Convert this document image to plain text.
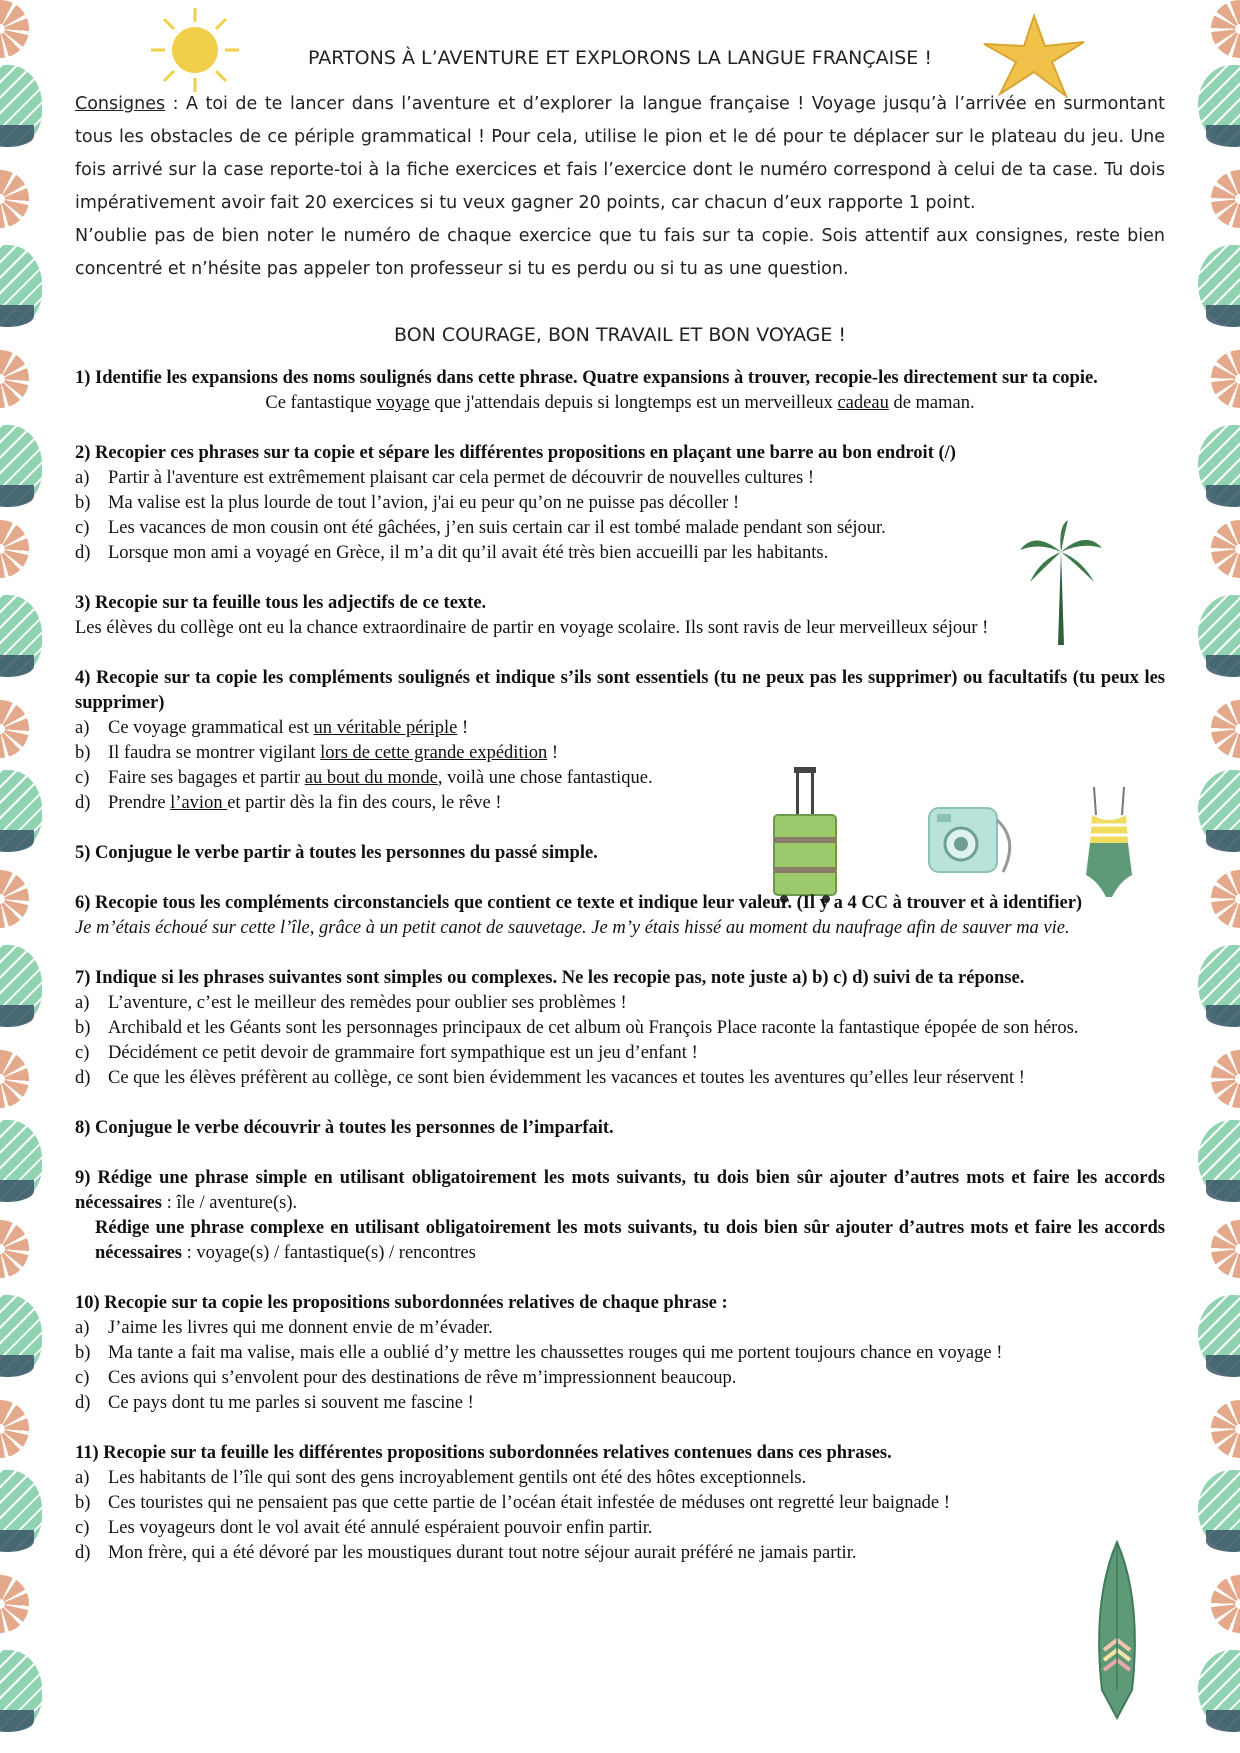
PARTONS À L’AVENTURE ET EXPLORONS LA LANGUE FRANÇAISE !
Consignes : A toi de te lancer dans l’aventure et d’explorer la langue française ! Voyage jusqu’à l’arrivée en surmontant tous les obstacles de ce périple grammatical ! Pour cela, utilise le pion et le dé pour te déplacer sur le plateau du jeu. Une fois arrivé sur la case reporte-toi à la fiche exercices et fais l’exercice dont le numéro correspond à celui de ta case. Tu dois impérativement avoir fait 20 exercices si tu veux gagner 20 points, car chacun d’eux rapporte 1 point.
N’oublie pas de bien noter le numéro de chaque exercice que tu fais sur ta copie. Sois attentif aux consignes, reste bien concentré et n’hésite pas appeler ton professeur si tu es perdu ou si tu as une question.
BON COURAGE, BON TRAVAIL ET BON VOYAGE !
1) Identifie les expansions des noms soulignés dans cette phrase. Quatre expansions à trouver, recopie-les directement sur ta copie.
Ce fantastique voyage que j'attendais depuis si longtemps est un merveilleux cadeau de maman.
2) Recopier ces phrases sur ta copie et sépare les différentes propositions en plaçant une barre au bon endroit (/)
a)	Partir à l'aventure est extrêmement plaisant car cela permet de découvrir de nouvelles cultures !
b) Ma valise est la plus lourde de tout l’avion, j'ai eu peur qu’on ne puisse pas décoller !
c)	Les vacances de mon cousin ont été gâchées, j’en suis certain car il est tombé malade pendant son séjour.
d) Lorsque mon ami a voyagé en Grèce, il m’a dit qu’il avait été très bien accueilli par les habitants.
3) Recopie sur ta feuille tous les adjectifs de ce texte.
Les élèves du collège ont eu la chance extraordinaire de partir en voyage scolaire. Ils sont ravis de leur merveilleux séjour !
4) Recopie sur ta copie les compléments soulignés et indique s’ils sont essentiels (tu ne peux pas les supprimer) ou facultatifs (tu peux les supprimer)
a)	Ce voyage grammatical est un véritable périple !
b) Il faudra se montrer vigilant lors de cette grande expédition !
c)	Faire ses bagages et partir au bout du monde, voilà une chose fantastique.
d) Prendre l’avion et partir dès la fin des cours, le rêve !
5) Conjugue le verbe partir à toutes les personnes du passé simple.
6) Recopie tous les compléments circonstanciels que contient ce texte et indique leur valeur. (Il y a 4 CC à trouver et à identifier)
Je m’étais échoué sur cette l’île, grâce à un petit canot de sauvetage. Je m’y étais hissé au moment du naufrage afin de sauver ma vie.
7) Indique si les phrases suivantes sont simples ou complexes. Ne les recopie pas, note juste a) b) c) d) suivi de ta réponse.
a)	L’aventure, c’est le meilleur des remèdes pour oublier ses problèmes !
b) Archibald et les Géants sont les personnages principaux de cet album où François Place raconte la fantastique épopée de son héros.
c)	Décidément ce petit devoir de grammaire fort sympathique est un jeu d’enfant !
d) Ce que les élèves préfèrent au collège, ce sont bien évidemment les vacances et toutes les aventures qu’elles leur réservent !
8) Conjugue le verbe découvrir à toutes les personnes de l’imparfait.
9) Rédige une phrase simple en utilisant obligatoirement les mots suivants, tu dois bien sûr ajouter d’autres mots et faire les accords nécessaires : île / aventure(s).
Rédige une phrase complexe en utilisant obligatoirement les mots suivants, tu dois bien sûr ajouter d’autres mots et faire les accords nécessaires : voyage(s) / fantastique(s) / rencontres
10) Recopie sur ta copie les propositions subordonnées relatives de chaque phrase :
a)	J’aime les livres qui me donnent envie de m’évader.
b) Ma tante a fait ma valise, mais elle a oublié d’y mettre les chaussettes rouges qui me portent toujours chance en voyage !
c)	Ces avions qui s’envolent pour des destinations de rêve m’impressionnent beaucoup.
d) Ce pays dont tu me parles si souvent me fascine !
11) Recopie sur ta feuille les différentes propositions subordonnées relatives contenues dans ces phrases.
a)	Les habitants de l’île qui sont des gens incroyablement gentils ont été des hôtes exceptionnels.
b) Ces touristes qui ne pensaient pas que cette partie de l’océan était infestée de méduses ont regretté leur baignade !
c)	Les voyageurs dont le vol avait été annulé espéraient pouvoir enfin partir.
d) Mon frère, qui a été dévoré par les moustiques durant tout notre séjour aurait préféré ne jamais partir.
